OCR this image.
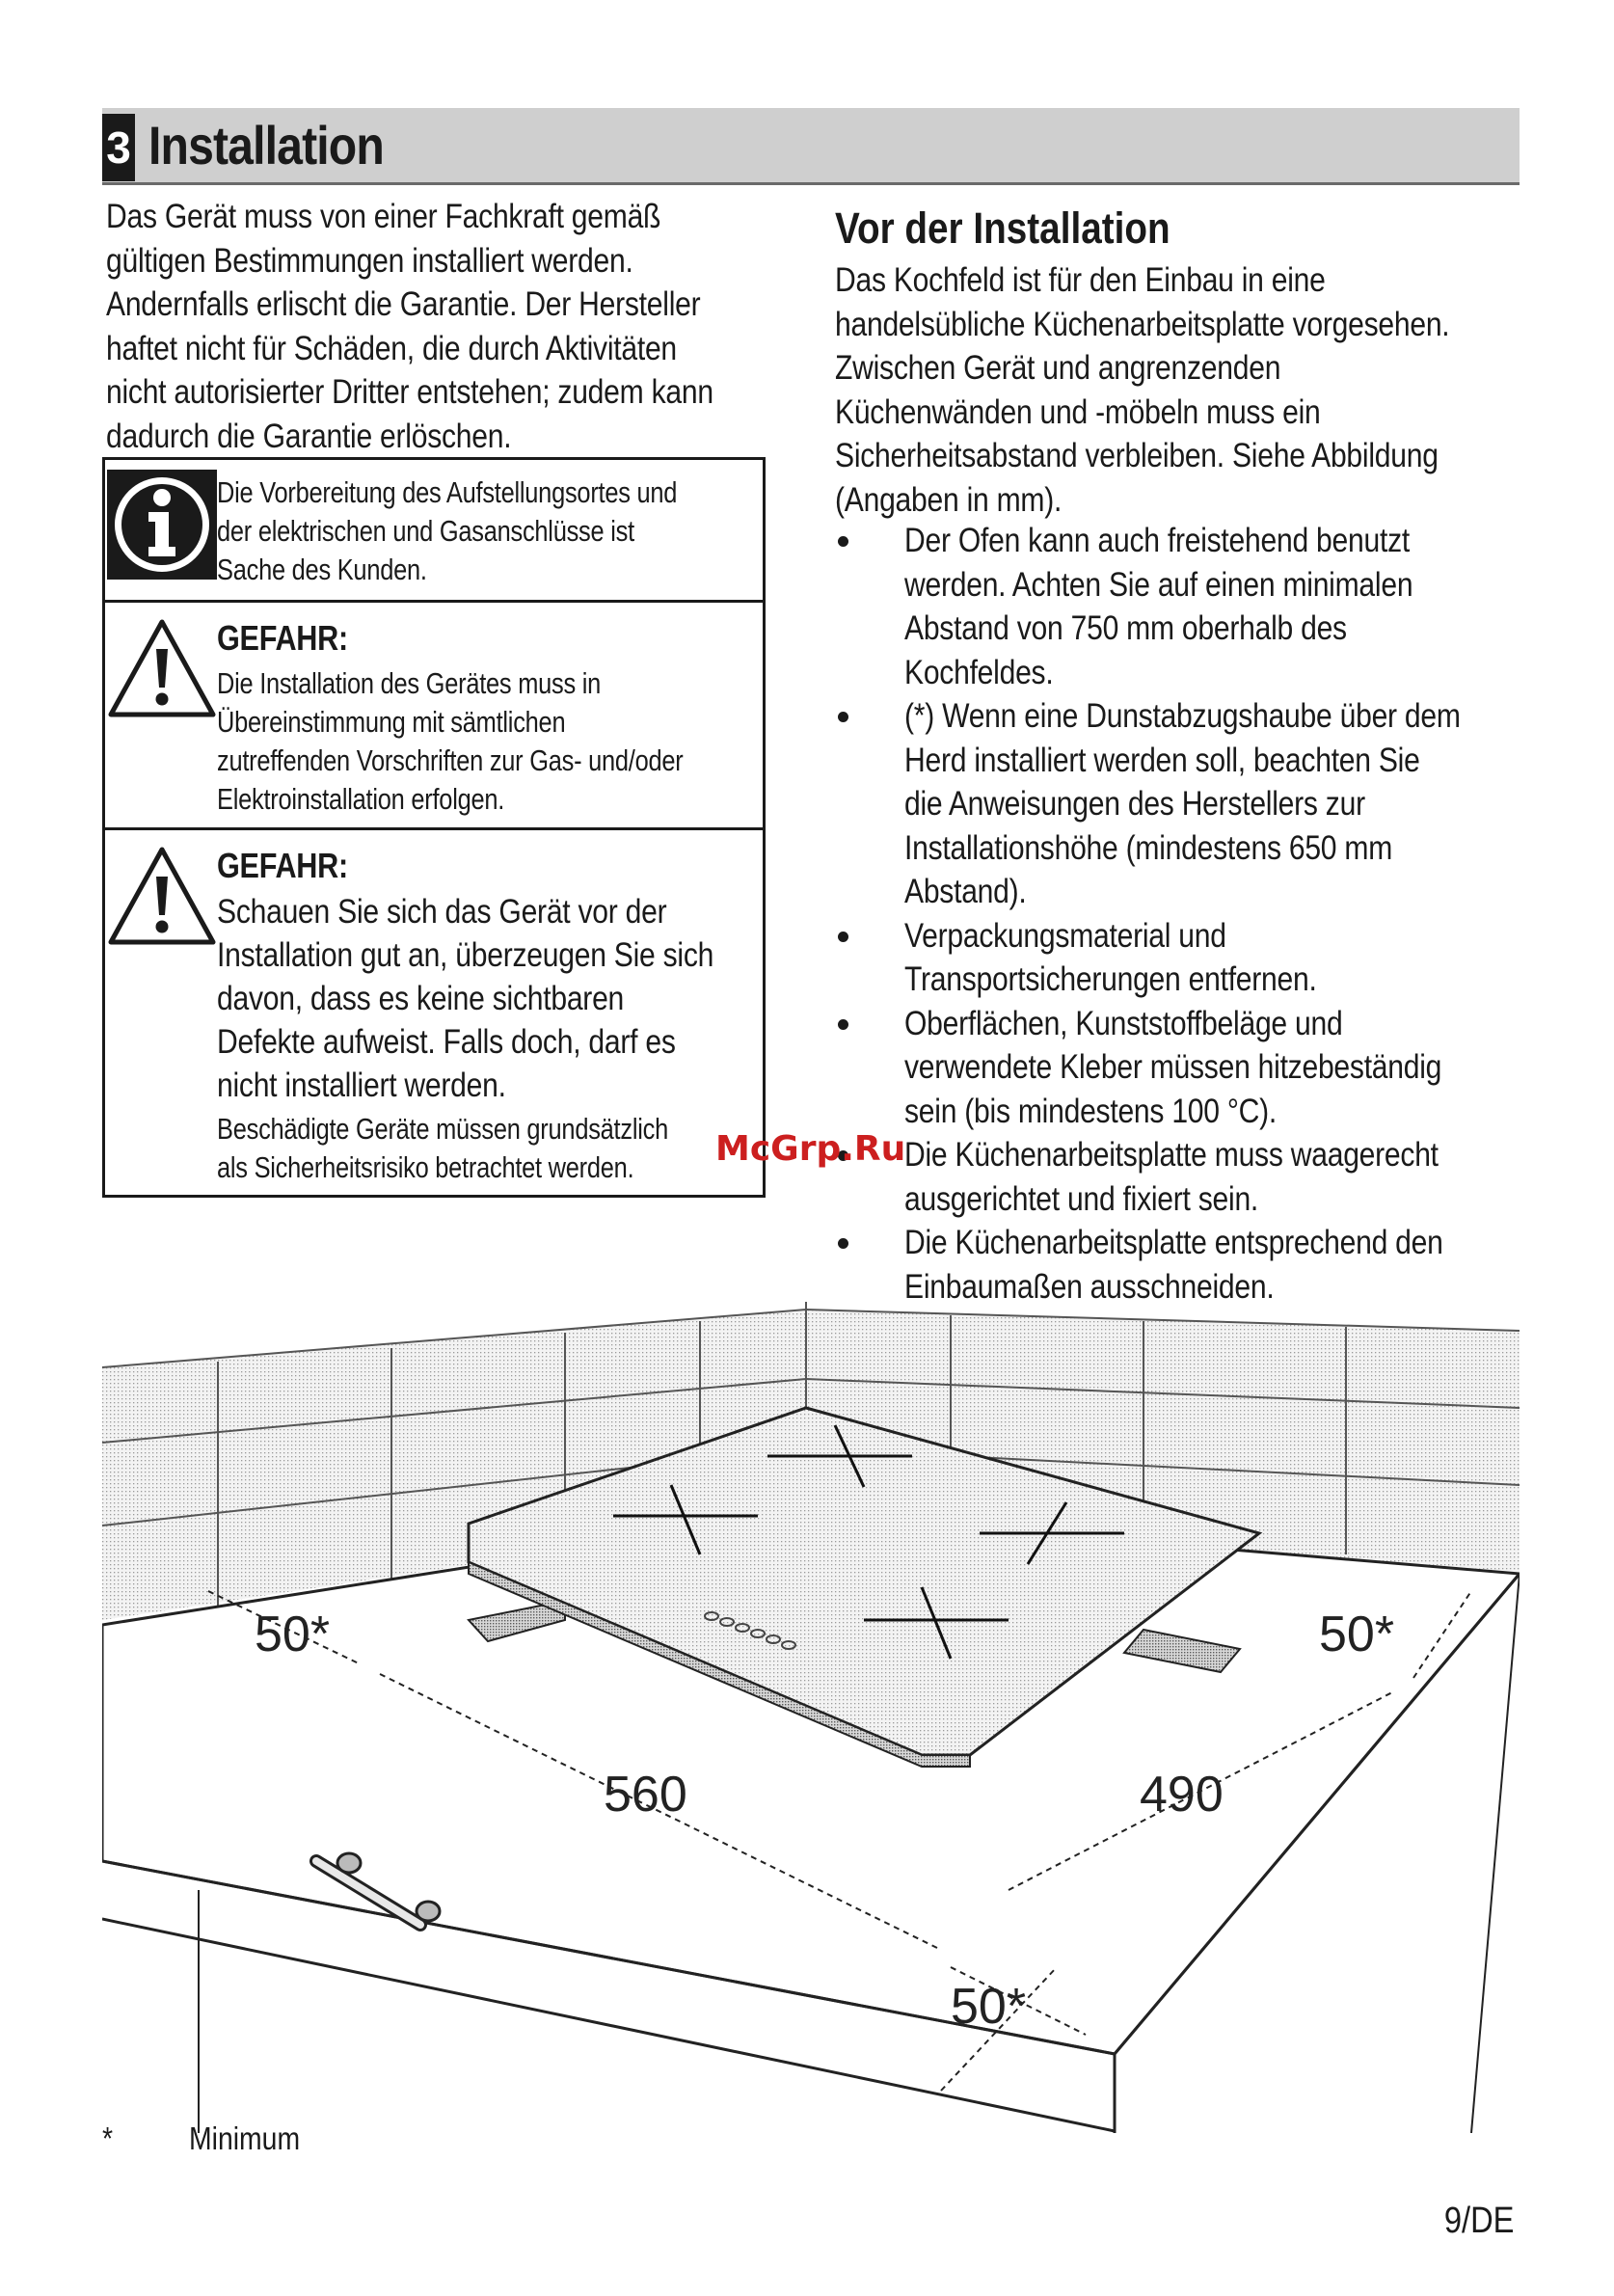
3 Installation
Das Gerät muss von einer Fachkraft gemäß
gültigen Bestimmungen installiert werden.
Andernfalls erlischt die Garantie. Der Hersteller
haftet nicht für Schäden, die durch Aktivitäten
nicht autorisierter Dritter entstehen; zudem kann
dadurch die Garantie erlöschen.
Die Vorbereitung des Aufstellungsortes und
der elektrischen und Gasanschlüsse ist
Sache des Kunden.
GEFAHR:
Die Installation des Gerätes muss in
Übereinstimmung mit sämtlichen
zutreffenden Vorschriften zur Gas- und/oder
Elektroinstallation erfolgen.
GEFAHR:
Schauen Sie sich das Gerät vor der
Installation gut an, überzeugen Sie sich
davon, dass es keine sichtbaren
Defekte aufweist. Falls doch, darf es
nicht installiert werden.
Beschädigte Geräte müssen grundsätzlich
als Sicherheitsrisiko betrachtet werden.
Vor der Installation
Das Kochfeld ist für den Einbau in eine
handelsübliche Küchenarbeitsplatte vorgesehen.
Zwischen Gerät und angrenzenden
Küchenwänden und -möbeln muss ein
Sicherheitsabstand verbleiben. Siehe Abbildung
(Angaben in mm).
Der Ofen kann auch freistehend benutzt
werden. Achten Sie auf einen minimalen
Abstand von 750 mm oberhalb des
Kochfeldes.
(*) Wenn eine Dunstabzugshaube über dem
Herd installiert werden soll, beachten Sie
die Anweisungen des Herstellers zur
Installationshöhe (mindestens 650 mm
Abstand).
Verpackungsmaterial und
Transportsicherungen entfernen.
Oberflächen, Kunststoffbeläge und
verwendete Kleber müssen hitzebeständig
sein (bis mindestens 100 °C).
Die Küchenarbeitsplatte muss waagerecht
ausgerichtet und fixiert sein.
Die Küchenarbeitsplatte entsprechend den
Einbaumaßen ausschneiden.
McGrp.Ru
50*	50*
560	490
50*
* Minimum
9/DE
